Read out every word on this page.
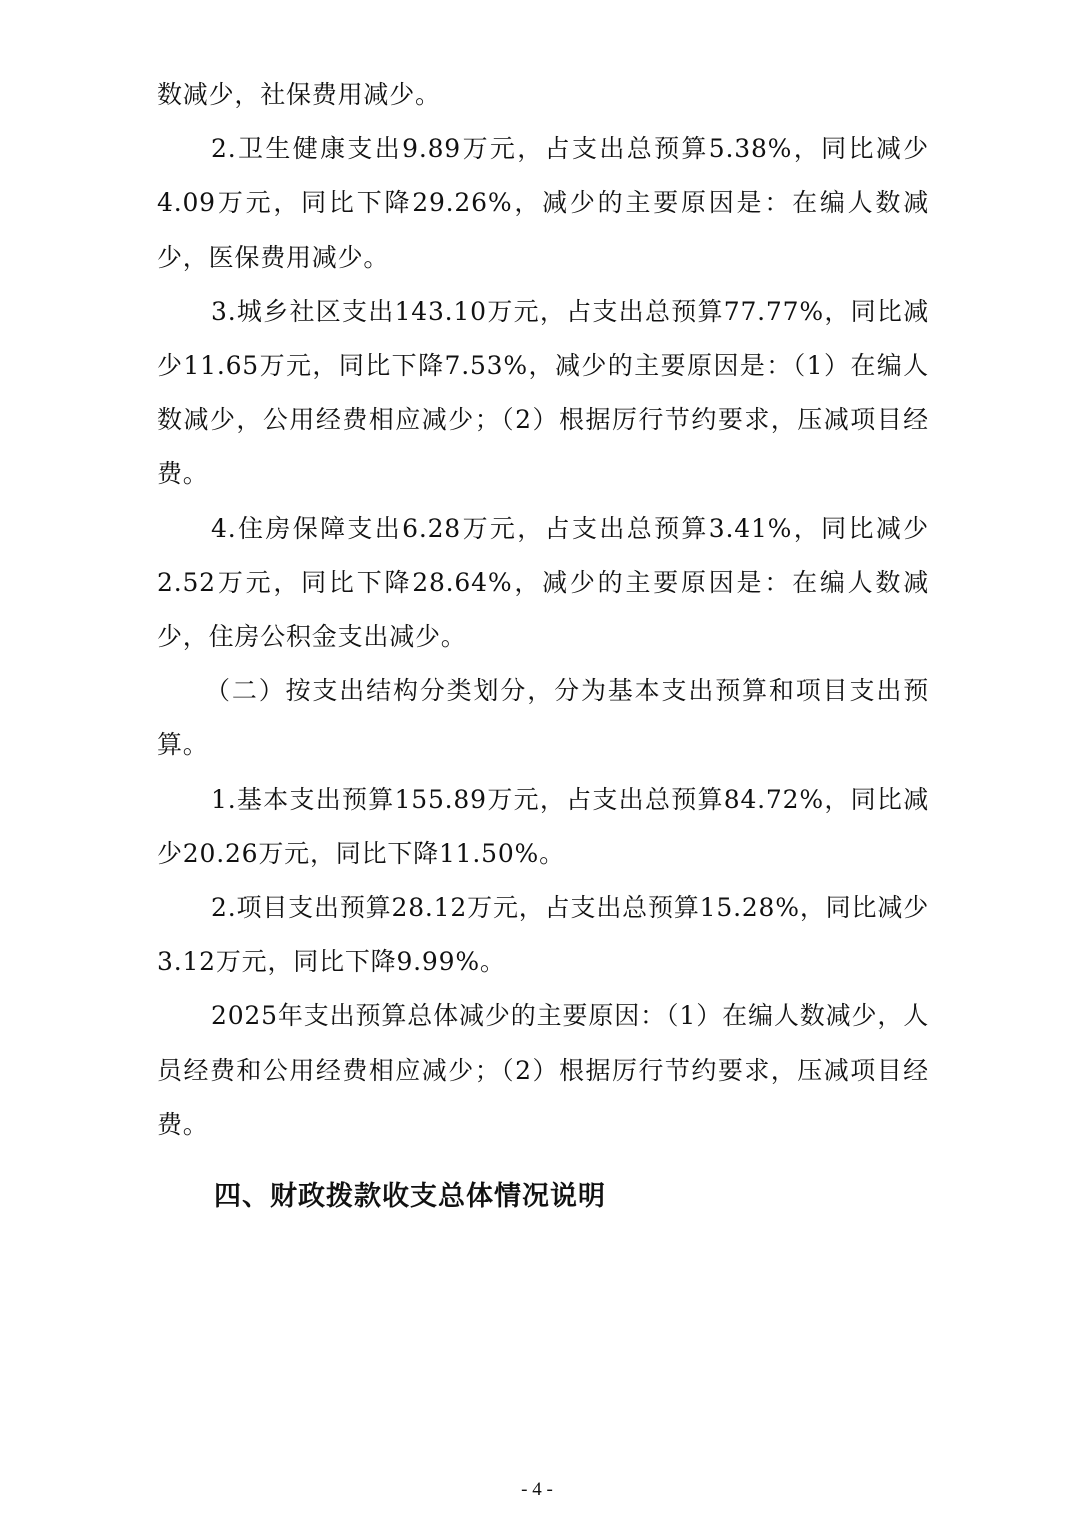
数减少，社保费用减少。

2.卫生健康支出9.89万元，占支出总预算5.38%，同比减少4.09万元，同比下降29.26%，减少的主要原因是：在编人数减少，医保费用减少。

3.城乡社区支出143.10万元，占支出总预算77.77%，同比减少11.65万元，同比下降7.53%，减少的主要原因是：（1）在编人数减少，公用经费相应减少；（2）根据厉行节约要求，压减项目经费。

4.住房保障支出6.28万元，占支出总预算3.41%，同比减少2.52万元，同比下降28.64%，减少的主要原因是：在编人数减少，住房公积金支出减少。

（二）按支出结构分类划分，分为基本支出预算和项目支出预算。

1.基本支出预算155.89万元，占支出总预算84.72%，同比减少20.26万元，同比下降11.50%。

2.项目支出预算28.12万元，占支出总预算15.28%，同比减少3.12万元，同比下降9.99%。

2025年支出预算总体减少的主要原因：（1）在编人数减少，人员经费和公用经费相应减少；（2）根据厉行节约要求，压减项目经费。

四、财政拨款收支总体情况说明
- 4 -
